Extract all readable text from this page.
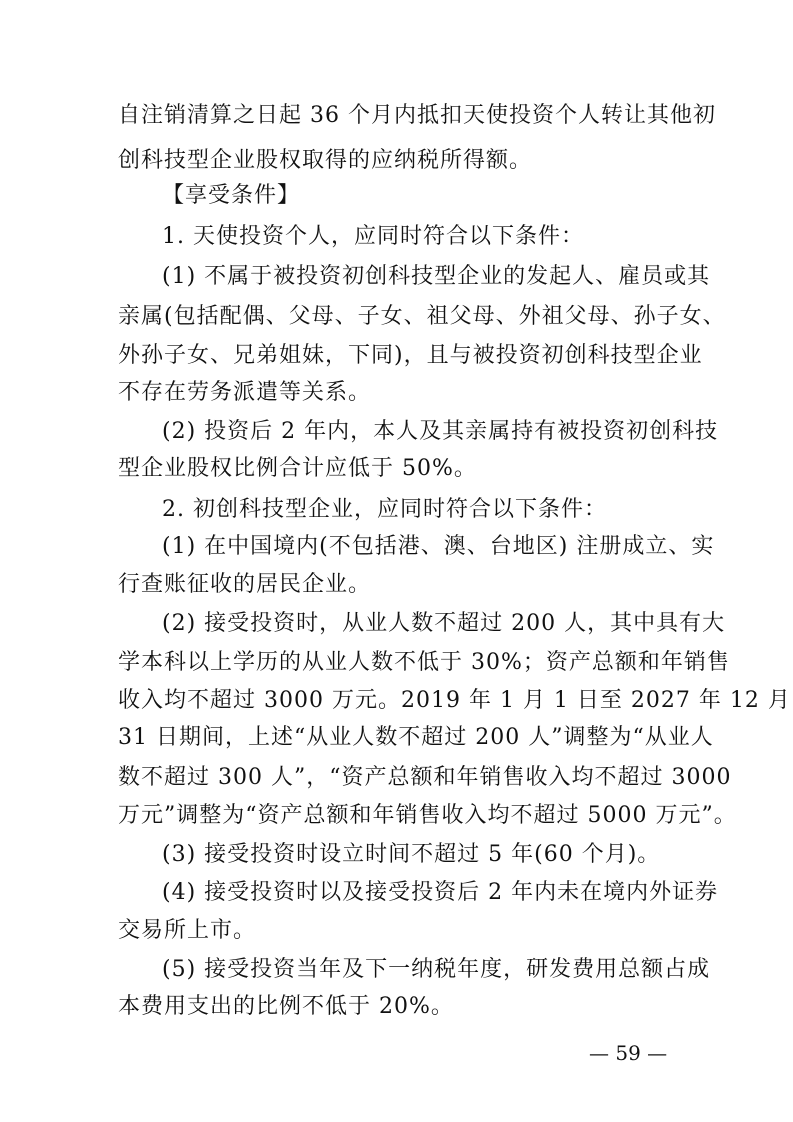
自注销清算之日起 36 个月内抵扣天使投资个人转让其他初
创科技型企业股权取得的应纳税所得额。
【享受条件】
1. 天使投资个人，应同时符合以下条件：
(1) 不属于被投资初创科技型企业的发起人、雇员或其
亲属(包括配偶、父母、子女、祖父母、外祖父母、孙子女、
外孙子女、兄弟姐妹，下同)，且与被投资初创科技型企业
不存在劳务派遣等关系。
(2) 投资后 2 年内，本人及其亲属持有被投资初创科技
型企业股权比例合计应低于 50%。
2. 初创科技型企业，应同时符合以下条件：
(1) 在中国境内(不包括港、澳、台地区) 注册成立、实
行查账征收的居民企业。
(2) 接受投资时，从业人数不超过 200 人，其中具有大
学本科以上学历的从业人数不低于 30%；资产总额和年销售
收入均不超过 3000 万元。2019 年 1 月 1 日至 2027 年 12 月
31 日期间，上述“从业人数不超过 200 人”调整为“从业人
数不超过 300 人”，“资产总额和年销售收入均不超过 3000
万元”调整为“资产总额和年销售收入均不超过 5000 万元”。
(3) 接受投资时设立时间不超过 5 年(60 个月)。
(4) 接受投资时以及接受投资后 2 年内未在境内外证券
交易所上市。
(5) 接受投资当年及下一纳税年度，研发费用总额占成
本费用支出的比例不低于 20%。
— 59 —
